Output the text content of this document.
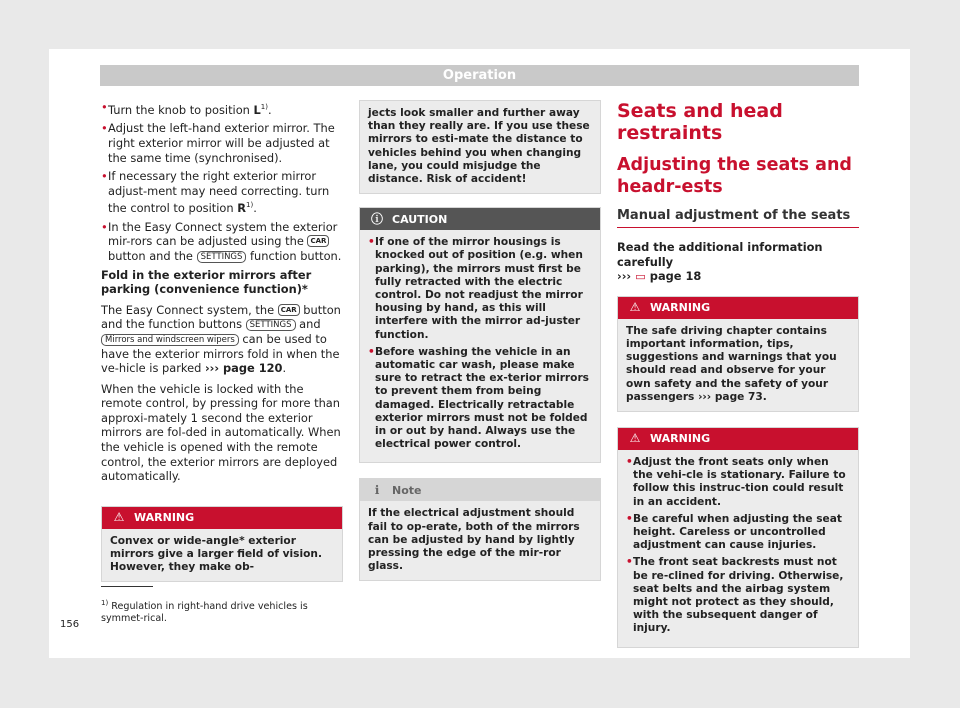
Operation
• Turn the knob to position $L^{1)}$.
• Adjust the left-hand exterior mirror. The right exterior mirror will be adjusted at the same time (synchronised).
• If necessary the right exterior mirror adjust-ment may need correcting. turn the control to position $R^{1)}$.
• In the Easy Connect system the exterior mir-rors can be adjusted using the CAR button and the SETTINGS function button.

Fold in the exterior mirrors after parking (convenience function)*

The Easy Connect system, the CAR button and the function buttons SETTINGS and Mirrors and windscreen wipers can be used to have the exterior mirrors fold in when the ve-hicle is parked ››› page 120.

When the vehicle is locked with the remote control, by pressing for more than approxi-mately 1 second the exterior mirrors are fol-ded in automatically. When the vehicle is opened with the remote control, the exterior mirrors are deployed automatically.

⚠ WARNING
Convex or wide-angle* exterior mirrors give a larger field of vision. However, they make ob-
jects look smaller and further away than they really are. If you use these mirrors to esti-mate the distance to vehicles behind you when changing lane, you could misjudge the distance. Risk of accident!
ⓘ CAUTION
• If one of the mirror housings is knocked out of position (e.g. when parking), the mirrors must first be fully retracted with the electric control. Do not readjust the mirror housing by hand, as this will interfere with the mirror ad-juster function.
• Before washing the vehicle in an automatic car wash, please make sure to retract the ex-terior mirrors to prevent them from being damaged. Electrically retractable exterior mirrors must not be folded in or out by hand. Always use the electrical power control.
ℹ	Note
If the electrical adjustment should fail to op-erate, both of the mirrors can be adjusted by hand by lightly pressing the edge of the mir-ror glass.
Seats and head restraints
Adjusting the seats and headr-ests
Manual adjustment of the seats
Read the additional information carefully
››› ▭ page 18
⚠ WARNING
The safe driving chapter contains important information, tips, suggestions and warnings that you should read and observe for your own safety and the safety of your passengers ››› page 73.
⚠ WARNING
• Adjust the front seats only when the vehi-cle is stationary. Failure to follow this instruc-tion could result in an accident.
• Be careful when adjusting the seat height. Careless or uncontrolled adjustment can cause injuries.
• The front seat backrests must not be re-clined for driving. Otherwise, seat belts and the airbag system might not protect as they should, with the subsequent danger of injury.
$^{1)}$ Regulation in right-hand drive vehicles is symmet-rical.
156
